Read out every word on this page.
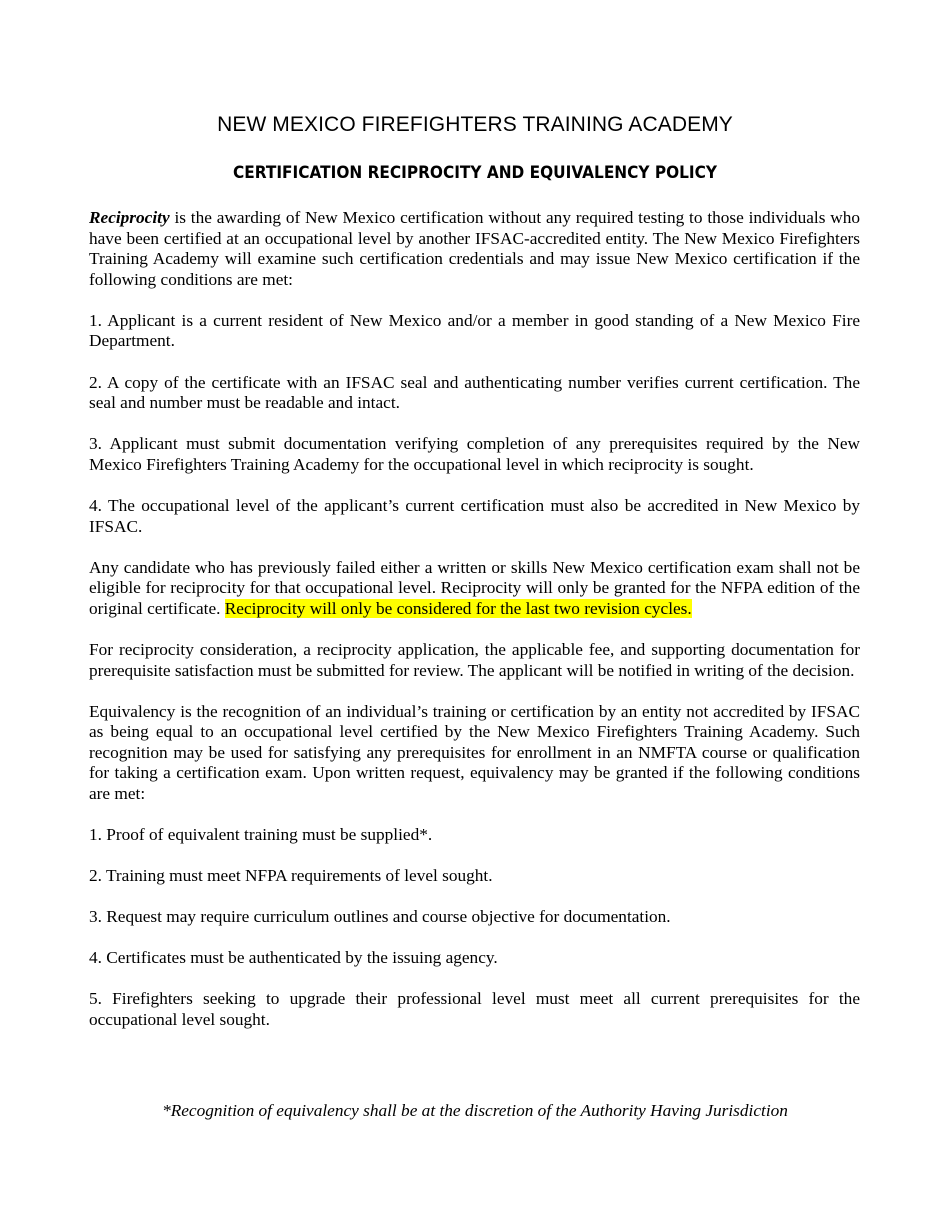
NEW MEXICO FIREFIGHTERS TRAINING ACADEMY
CERTIFICATION RECIPROCITY AND EQUIVALENCY POLICY

Reciprocity is the awarding of New Mexico certification without any required testing to those individuals who have been certified at an occupational level by another IFSAC-accredited entity. The New Mexico Firefighters Training Academy will examine such certification credentials and may issue New Mexico certification if the following conditions are met:

1. Applicant is a current resident of New Mexico and/or a member in good standing of a New Mexico Fire Department.

2. A copy of the certificate with an IFSAC seal and authenticating number verifies current certification. The seal and number must be readable and intact.

3. Applicant must submit documentation verifying completion of any prerequisites required by the New Mexico Firefighters Training Academy for the occupational level in which reciprocity is sought.

4. The occupational level of the applicant’s current certification must also be accredited in New Mexico by IFSAC.

Any candidate who has previously failed either a written or skills New Mexico certification exam shall not be eligible for reciprocity for that occupational level. Reciprocity will only be granted for the NFPA edition of the original certificate. Reciprocity will only be considered for the last two revision cycles.

For reciprocity consideration, a reciprocity application, the applicable fee, and supporting documentation for prerequisite satisfaction must be submitted for review. The applicant will be notified in writing of the decision.

Equivalency is the recognition of an individual’s training or certification by an entity not accredited by IFSAC as being equal to an occupational level certified by the New Mexico Firefighters Training Academy. Such recognition may be used for satisfying any prerequisites for enrollment in an NMFTA course or qualification for taking a certification exam. Upon written request, equivalency may be granted if the following conditions are met:

1. Proof of equivalent training must be supplied*.

2. Training must meet NFPA requirements of level sought.

3. Request may require curriculum outlines and course objective for documentation.

4. Certificates must be authenticated by the issuing agency.

5. Firefighters seeking to upgrade their professional level must meet all current prerequisites for the occupational level sought.

*Recognition of equivalency shall be at the discretion of the Authority Having Jurisdiction
